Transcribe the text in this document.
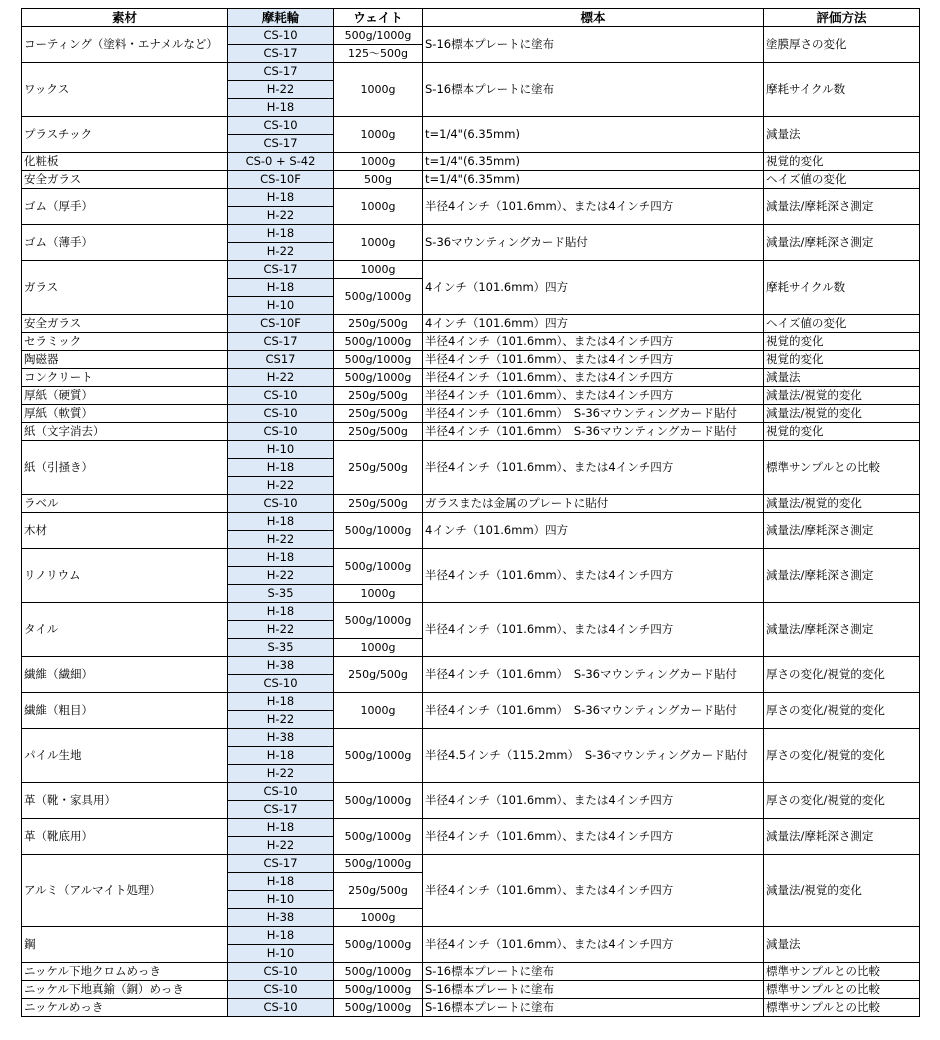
素材	摩耗輪	ウェイト	標本	評価方法
コーティング（塗料・エナメルなど）	CS-10	500g/1000g	S-16標本プレートに塗布	塗膜厚さの変化
	CS-17	125〜500g		
ワックス	CS-17	1000g	S-16標本プレートに塗布	摩耗サイクル数
	H-22			
	H-18			
プラスチック	CS-10	1000g	t=1/4"(6.35mm)	減量法
	CS-17			
化粧板	CS-0 + S-42	1000g	t=1/4"(6.35mm)	視覚的変化
安全ガラス	CS-10F	500g	t=1/4"(6.35mm)	ヘイズ値の変化
ゴム（厚手）	H-18	1000g	半径4インチ（101.6mm）、または4インチ四方	減量法/摩耗深さ測定
	H-22			
ゴム（薄手）	H-18	1000g	S-36マウンティングカード貼付	減量法/摩耗深さ測定
	H-22			
ガラス	CS-17	1000g	4インチ（101.6mm）四方	摩耗サイクル数
	H-18	500g/1000g		
	H-10			
安全ガラス	CS-10F	250g/500g	4インチ（101.6mm）四方	ヘイズ値の変化
セラミック	CS-17	500g/1000g	半径4インチ（101.6mm）、または4インチ四方	視覚的変化
陶磁器	CS17	500g/1000g	半径4インチ（101.6mm）、または4インチ四方	視覚的変化
コンクリート	H-22	500g/1000g	半径4インチ（101.6mm）、または4インチ四方	減量法
厚紙（硬質）	CS-10	250g/500g	半径4インチ（101.6mm）、または4インチ四方	減量法/視覚的変化
厚紙（軟質）	CS-10	250g/500g	半径4インチ（101.6mm）　S-36マウンティングカード貼付	減量法/視覚的変化
紙（文字消去）	CS-10	250g/500g	半径4インチ（101.6mm）　S-36マウンティングカード貼付	視覚的変化
紙（引掻き）	H-10	250g/500g	半径4インチ（101.6mm）、または4インチ四方	標準サンプルとの比較
	H-18			
	H-22			
ラベル	CS-10	250g/500g	ガラスまたは金属のプレートに貼付	減量法/視覚的変化
木材	H-18	500g/1000g	4インチ（101.6mm）四方	減量法/摩耗深さ測定
	H-22			
リノリウム	H-18	500g/1000g	半径4インチ（101.6mm）、または4インチ四方	減量法/摩耗深さ測定
	H-22			
	S-35	1000g		
タイル	H-18	500g/1000g	半径4インチ（101.6mm）、または4インチ四方	減量法/摩耗深さ測定
	H-22			
	S-35	1000g		
繊維（繊細）	H-38	250g/500g	半径4インチ（101.6mm）　S-36マウンティングカード貼付	厚さの変化/視覚的変化
	CS-10			
繊維（粗目）	H-18	1000g	半径4インチ（101.6mm）　S-36マウンティングカード貼付	厚さの変化/視覚的変化
	H-22			
パイル生地	H-38	500g/1000g	半径4.5インチ（115.2mm）　S-36マウンティングカード貼付	厚さの変化/視覚的変化
	H-18			
	H-22			
革（靴・家具用）	CS-10	500g/1000g	半径4インチ（101.6mm）、または4インチ四方	厚さの変化/視覚的変化
	CS-17			
革（靴底用）	H-18	500g/1000g	半径4インチ（101.6mm）、または4インチ四方	減量法/摩耗深さ測定
	H-22			
アルミ（アルマイト処理）	CS-17	500g/1000g	半径4インチ（101.6mm）、または4インチ四方	減量法/視覚的変化
	H-18	250g/500g		
	H-10			
	H-38	1000g		
鋼	H-18	500g/1000g	半径4インチ（101.6mm）、または4インチ四方	減量法
	H-10			
ニッケル下地クロムめっき	CS-10	500g/1000g	S-16標本プレートに塗布	標準サンプルとの比較
ニッケル下地真鍮（銅）めっき	CS-10	500g/1000g	S-16標本プレートに塗布	標準サンプルとの比較
ニッケルめっき	CS-10	500g/1000g	S-16標本プレートに塗布	標準サンプルとの比較
